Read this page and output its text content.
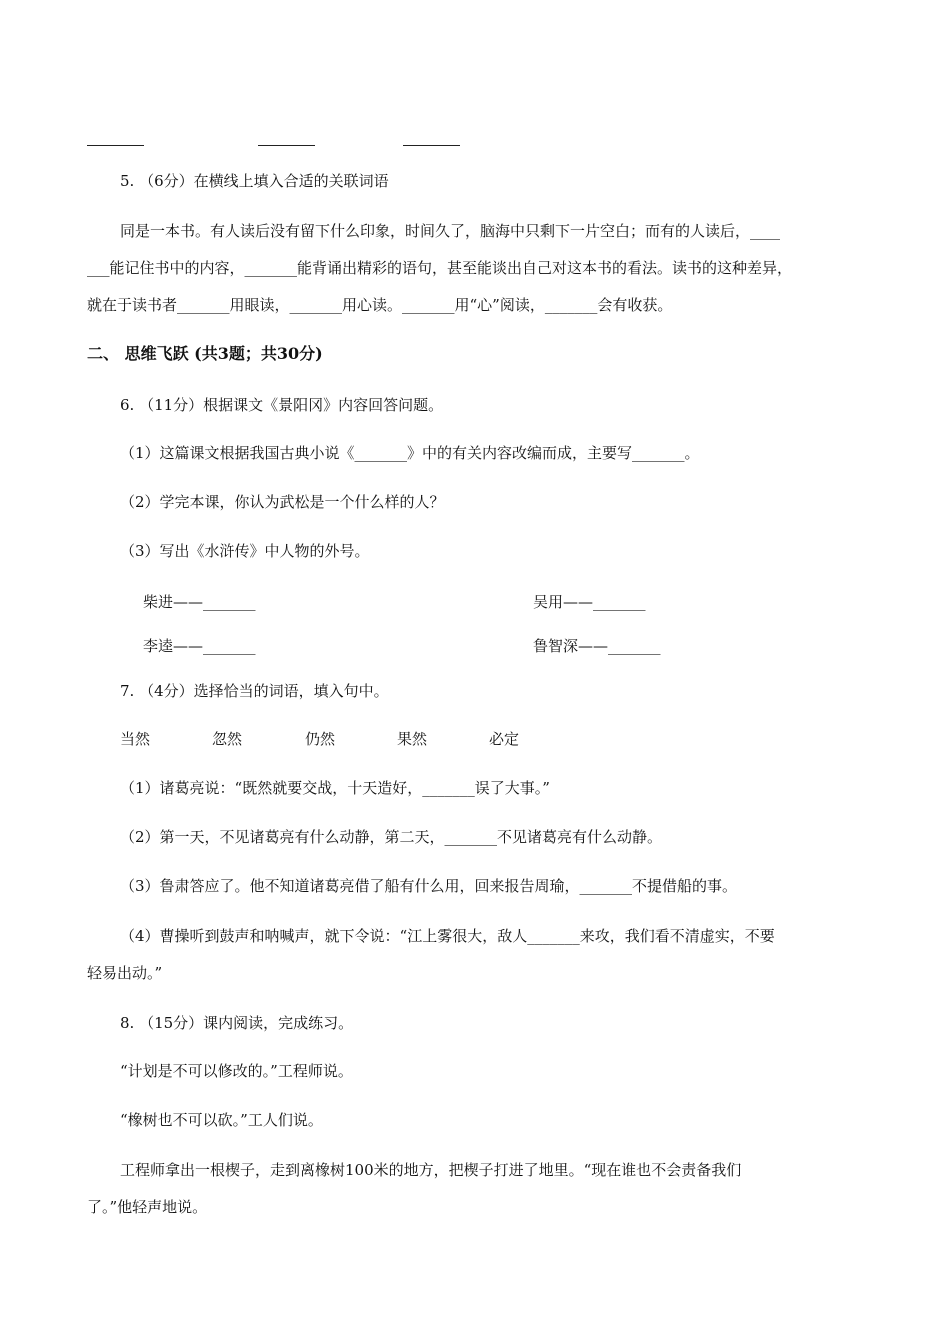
5. （6分）在横线上填入合适的关联词语
同是一本书。有人读后没有留下什么印象，时间久了，脑海中只剩下一片空白；而有的人读后，____
___能记住书中的内容，_______能背诵出精彩的语句，甚至能谈出自己对这本书的看法。读书的这种差异，
就在于读书者_______用眼读，_______用心读。_______用“心”阅读，_______会有收获。
二、 思维飞跃 (共3题；共30分)
6. （11分）根据课文《景阳冈》内容回答问题。
（1）这篇课文根据我国古典小说《_______》中的有关内容改编而成，主要写_______。
（2）学完本课，你认为武松是一个什么样的人？
（3）写出《水浒传》中人物的外号。
柴进——_______	吴用——_______
李逵——_______	鲁智深——_______
7. （4分）选择恰当的词语，填入句中。
当然	忽然	仍然	果然	必定
（1）诸葛亮说：“既然就要交战，十天造好，_______误了大事。”
（2）第一天，不见诸葛亮有什么动静，第二天，_______不见诸葛亮有什么动静。
（3）鲁肃答应了。他不知道诸葛亮借了船有什么用，回来报告周瑜，_______不提借船的事。
（4）曹操听到鼓声和呐喊声，就下令说：“江上雾很大，敌人_______来攻，我们看不清虚实，不要
轻易出动。”
8. （15分）课内阅读，完成练习。
“计划是不可以修改的。”工程师说。
“橡树也不可以砍。”工人们说。
工程师拿出一根楔子，走到离橡树100米的地方，把楔子打进了地里。“现在谁也不会责备我们
了。”他轻声地说。
